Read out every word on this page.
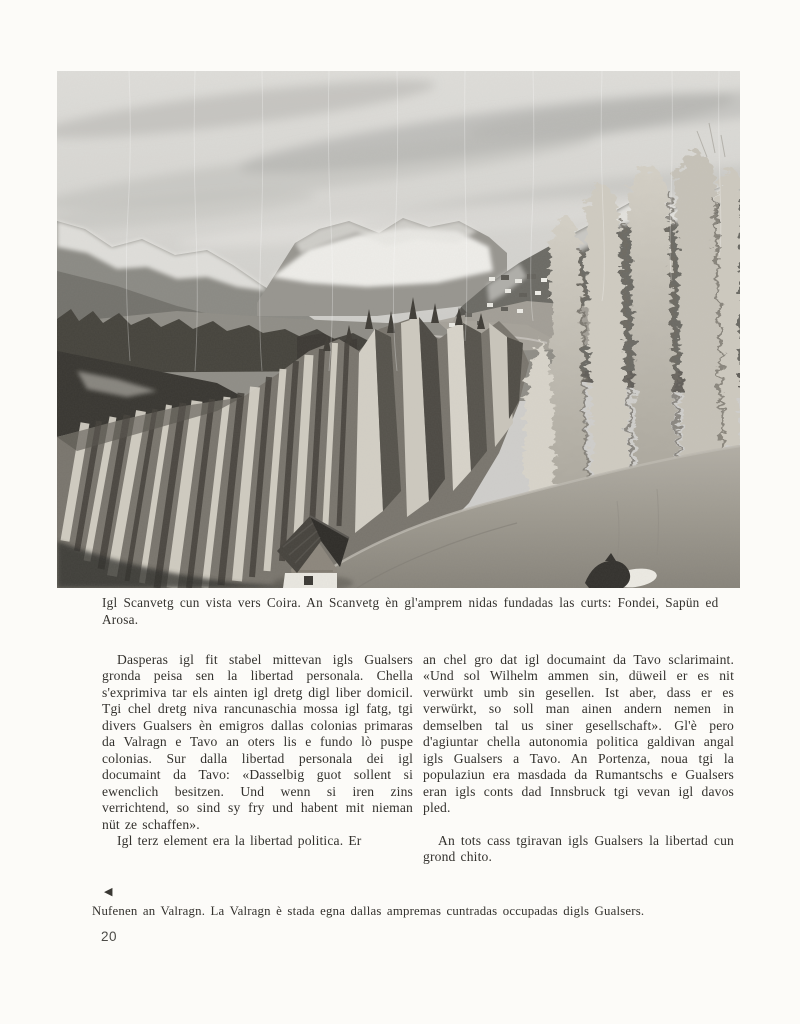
Igl Scanvetg cun vista vers Coira. An Scanvetg èn gl'amprem nidas fundadas las curts: Fondei, Sapün ed Arosa.

Dasperas igl fit stabel mittevan igls Gualsers gronda peisa sen la libertad personala. Chella s'exprimiva tar els ainten igl dretg digl liber domicil. Tgi chel dretg niva rancunaschia mossa igl fatg, tgi divers Gualsers èn emigros dallas colonias primaras da Valragn e Tavo an oters lis e fundo lò puspe colonias. Sur dalla libertad personala dei igl documaint da Tavo: «Dasselbig guot sollent si ewenclich besitzen. Und wenn si iren zins verrichtend, so sind sy fry und habent mit nieman nüt ze schaffen».

Igl terz element era la libertad politica. Er

an chel gro dat igl documaint da Tavo sclarimaint. «Und sol Wilhelm ammen sin, düweil er es nit verwürkt umb sin gesellen. Ist aber, dass er es verwürkt, so soll man ainen andern nemen in demselben tal us siner gesellschaft». Gl'è pero d'agiuntar chella autonomia politica galdivan angal igls Gualsers a Tavo. An Portenza, noua tgi la populaziun era masdada da Rumantschs e Gualsers eran igls conts dad Innsbruck tgi vevan igl davos pled.

An tots cass tgiravan igls Gualsers la libertad cun grond chito.

◀

Nufenen an Valragn. La Valragn è stada egna dallas ampremas cuntradas occupadas digls Gualsers.

20
